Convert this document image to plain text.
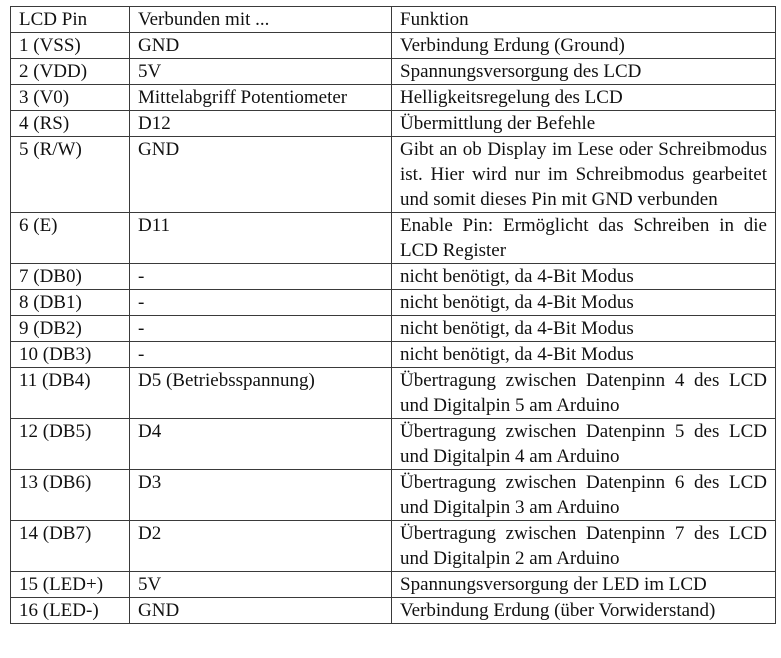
LCD Pin	Verbunden mit ...	Funktion
1 (VSS)	GND	Verbindung Erdung (Ground)
2 (VDD)	5V	Spannungsversorgung des LCD
3 (V0)	Mittelabgriff Potentiometer	Helligkeitsregelung des LCD
4 (RS)	D12	Übermittlung der Befehle
5 (R/W)	GND	Gibt an ob Display im Lese oder Schreibmodus ist. Hier wird nur im Schreibmodus gearbeitet und somit dieses Pin mit GND verbunden
6 (E)	D11	Enable Pin: Ermöglicht das Schreiben in die LCD Register
7 (DB0)	-	nicht benötigt, da 4-Bit Modus
8 (DB1)	-	nicht benötigt, da 4-Bit Modus
9 (DB2)	-	nicht benötigt, da 4-Bit Modus
10 (DB3)	-	nicht benötigt, da 4-Bit Modus
11 (DB4)	D5 (Betriebsspannung)	Übertragung zwischen Datenpinn 4 des LCD und Digitalpin 5 am Arduino
12 (DB5)	D4	Übertragung zwischen Datenpinn 5 des LCD und Digitalpin 4 am Arduino
13 (DB6)	D3	Übertragung zwischen Datenpinn 6 des LCD und Digitalpin 3 am Arduino
14 (DB7)	D2	Übertragung zwischen Datenpinn 7 des LCD und Digitalpin 2 am Arduino
15 (LED+)	5V	Spannungsversorgung der LED im LCD
16 (LED-)	GND	Verbindung Erdung (über Vorwiderstand)
